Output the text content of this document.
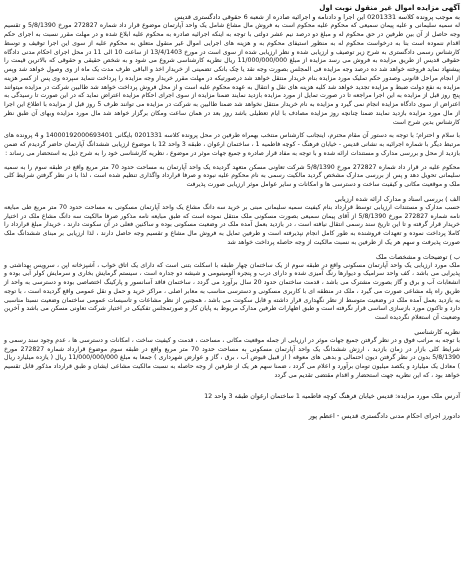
آگهی مزایده اموال غیر منقول نوبت اول
به موجب پرونده کلاسه 0201331 این اجرا و دادنامه و اجرائیه صادره از شعبه 6 حقوقی دادگستری قدیس

له سمیه سلیمانی و علیه پیمان سمیعی که محکوم علیه محکوم است به فروش مال مشاع شامل یک واحد آپارتمان موضوع قرار داد شماره 272827 مورخ 5/8/1390 و تقسیم وجه حاصل از آن بین طرفین در حق محکوم له و مبلغ دو درصد نیم عشر دولتی با توجه به اینکه اجرائیه صادره به محکوم علیه ابلاغ شده و در مهلت مقرر نسبت به اجرای حکم اقدام ننموده است بنا به درخواست محکوم له به منظور استیفای محکوم به و هزینه های اجرایی اموال غیر منقول متعلق به محکوم علیه از سوی این اجرا توقیف و توسط کارشناس رسمی دادگستری به شرح زیر توصیف و ارزیابی شده و نظر ارزیابی شده از سوی است در مورخ 13/4/1403 از ساعت 10 الی 11 در محل اجرای احکام مدنی دادگاه حقوقی قدیس از طریق مزایده به فروش می رسد مزایده از مبلغ 11/000/000/000 ریال نظریه کارشناسی شروع می شود و به شخص حقیقی و حقوقی که بالاترین قیمت را پیشنهاد نماید فروخته خواهد شد ده درصد وجه مزایده فی المجلس بصورت وجه نقد یا چک بانکی تضمینی از خریدار اخذ و الباقی ظرف مدت یک ماه از وی وصول خواهد شد وپس از انجام مراحل قانونی وصدور حکم تملیک مورد مزایده بنام خریدار منتقل خواهد شد درصورتیکه در مهلت مقرر خریدار وجه مزایده را پرداخت ننماید سپرده وی پس از کسر هزینه مزایده به نفع دولت ضبط و مزایده تجدید خواهد شد کلیه هزینه های نقل و انتقال به عهده محکوم علیه است و از محل فروش پرداخت خواهد شد طالبین شرکت در مزایده میتوانند پنج روز قبل از مزایده به این اجرا مراجعه تا در صورت تمایل از مورد مزایده بازدید نمایند ضمنا مزایده از سوی اجرای احکام مزایده اعتراض نماید که در این صورت تا رسیدگی به اعتراض از سوی دادگاه مزایده انجام نمی گیرد و مزایده به نام خریدار منتقل نخواهد شد ضمنا طالبین به شرکت در مزایده می توانند ظرف 5 روز قبل از مزایده با اطلاع این اجرا از مال مورد مزایده بازدید نمایند ضمنا چنانچه روز مزایده مصادف با ایام تعطیلی باشد روز بعد در همان ساعت ومکان برگزار خواهد شد مال مورد مزایده وبهای آن طبق نظر کارشناس بدین شرح است

با سلام و احترام؛ با توجه به دستور آن مقام محترم، اینجانب کارشناس منتخب بهمراه طرفین در محل پرونده کلاسه 0201331 بایگانی 14000192000693401 و 4 پرونده های مرتبط دیگر با شماره اجرائیه به نشانی قدیس - خیابان فرهنگ - کوچه فاطمیه 1 ، ساختمان ارغوان ، طبقه 3 واحد 12 با موضوع ارزیابی ششدانگ آپارتمان حاضر گردیدم که ضمن بازدید از محل و بررسی مدارک و مستندات ارائه شده و با توجه به مفاد قرار صادره و جمیع جهات موثر در موضوع ، نظریه کارشناسی خود را به شرح ذیل به استحضار می رساند :

محکوم علیه در قرار داد شماره 272827 مورخ 5/8/1390 شرکت تعاونی مسکن متعهد گردیده یک واحد آپارتمان به مساحت حدود 70 متر مربع واقع در طبقه سوم را به سمیه سلیمانی تحویل دهد و پس از بررسی مدارک مشخص گردید مالکیت رسمی به نام محکوم علیه نبوده و صرفا قرارداد واگذاری تنظیم شده است ، لذا با در نظر گرفتن شرایط کلی ملک و موقعیت مکانی و کیفیت ساخت و دسترسی ها و امکانات و سایر عوامل موثر ارزیابی صورت پذیرفت

الف ) بررسی اسناد و مدارک ارائه شده ارزیابی

حسب مدارک و مستندات ارزیابی توسط قرارداد بنام کیفیت سمیه سلیمانی مبنی بر خرید سه دانگ مشاع یک واحد آپارتمان مسکونی به مساحت حدود 70 متر مربع طی مبایعه نامه شماره 272827 مورخ 5/8/1390 از آقای پیمان سمیعی بصورت مسکونی ملک منتقل نموده است که طبق مبایعه نامه مذکور صرفا مالکیت سه دانگ مشاع ملک در اختیار خریدار قرار گرفته و تا این تاریخ سند رسمی انتقال نیافته است ، در بازدید بعمل آمده ملک در وضعیت مسکونی بوده و ساکنین فعلی در آن سکونت دارند ، خریدار مبلغ قرارداد را کاملا پرداخت نموده و تعهدات فروشنده به طور کامل انجام نپذیرفته است و طرفین تمایل به فروش مال مشاع و تقسیم وجه حاصل دارند ، لذا ارزیابی بر مبنای ششدانگ ملک صورت پذیرفت و سهم هر یک از طرفین به نسبت مالکیت از وجه حاصله پرداخت خواهد شد

ب ) توضیحات و مشخصات ملک

ملک مورد ارزیابی یک واحد آپارتمان مسکونی واقع در طبقه سوم از یک ساختمان چهار طبقه با اسکلت بتنی است که دارای یک اتاق خواب ، آشپزخانه اپن ، سرویس بهداشتی و پذیرایی می باشد ، کف واحد سرامیک و دیوارها رنگ آمیزی شده و دارای درب و پنجره آلومینیومی و شیشه دو جداره است ، سیستم گرمایش بخاری و سرمایش کولر آبی بوده و انشعابات آب و برق و گاز بصورت مشترک می باشد ، قدمت ساختمان حدود 20 سال برآورد می گردد ، ساختمان فاقد آسانسور و پارکینگ اختصاصی بوده و دسترسی به واحد از طریق راه پله مشاعی صورت می گیرد ، ملک در منطقه ای با کاربری مسکونی و دسترسی مناسب به معابر اصلی ، مراکز خرید و حمل و نقل عمومی واقع گردیده است ، با توجه به بازدید بعمل آمده ملک در وضعیت متوسط از نظر نگهداری قرار داشته و قابل سکونت می باشد ، همچنین از نظر مشاعات و تاسیسات عمومی ساختمان وضعیت نسبتا مناسبی دارد و تاکنون مورد بازسازی اساسی قرار نگرفته است و طبق اظهارات طرفین مدارک مربوط به پایان کار و صورتمجلس تفکیکی در اختیار شرکت تعاونی مسکن می باشد و آخرین وضعیت آن استعلام نگردیده است

نظریه کارشناسی

با توجه به مراتب فوق و در نظر گرفتن جمیع جهات موثر در ارزیابی از جمله موقعیت مکانی ، مساحت ، قدمت و کیفیت ساخت ، امکانات و دسترسی ها ، عدم وجود سند رسمی و شرایط کلی بازار در زمان بازدید ، ارزش ششدانگ یک واحد آپارتمان مسکونی به مساحت حدود 70 متر مربع واقع در طبقه سوم موضوع قرارداد شماره 272827 مورخ 5/8/1390 بدون در نظر گرفتن دیون احتمالی و بدهی های معوقه ( از قبیل قبوض آب ، برق ، گاز و عوارض شهرداری ) جمعا به مبلغ 11/000/000/000 ریال ( یازده میلیارد ریال ) معادل یک میلیارد و یکصد میلیون تومان برآورد و اعلام می گردد ، ضمنا سهم هر یک از طرفین از وجه حاصله به نسبت مالکیت مشاعی ایشان و طبق قرارداد مذکور قابل تقسیم خواهد بود ، که این نظریه جهت استحضار و اقدام مقتضی تقدیم می گردد

آدرس ملک مورد مزایده: قدیس خیابان فرهنگ کوچه فاطمیه 1 ساختمان ارغوان طبقه 3 واحد 12
دادورز اجرای احکام مدنی دادگستری قدیس - اعظم پور
